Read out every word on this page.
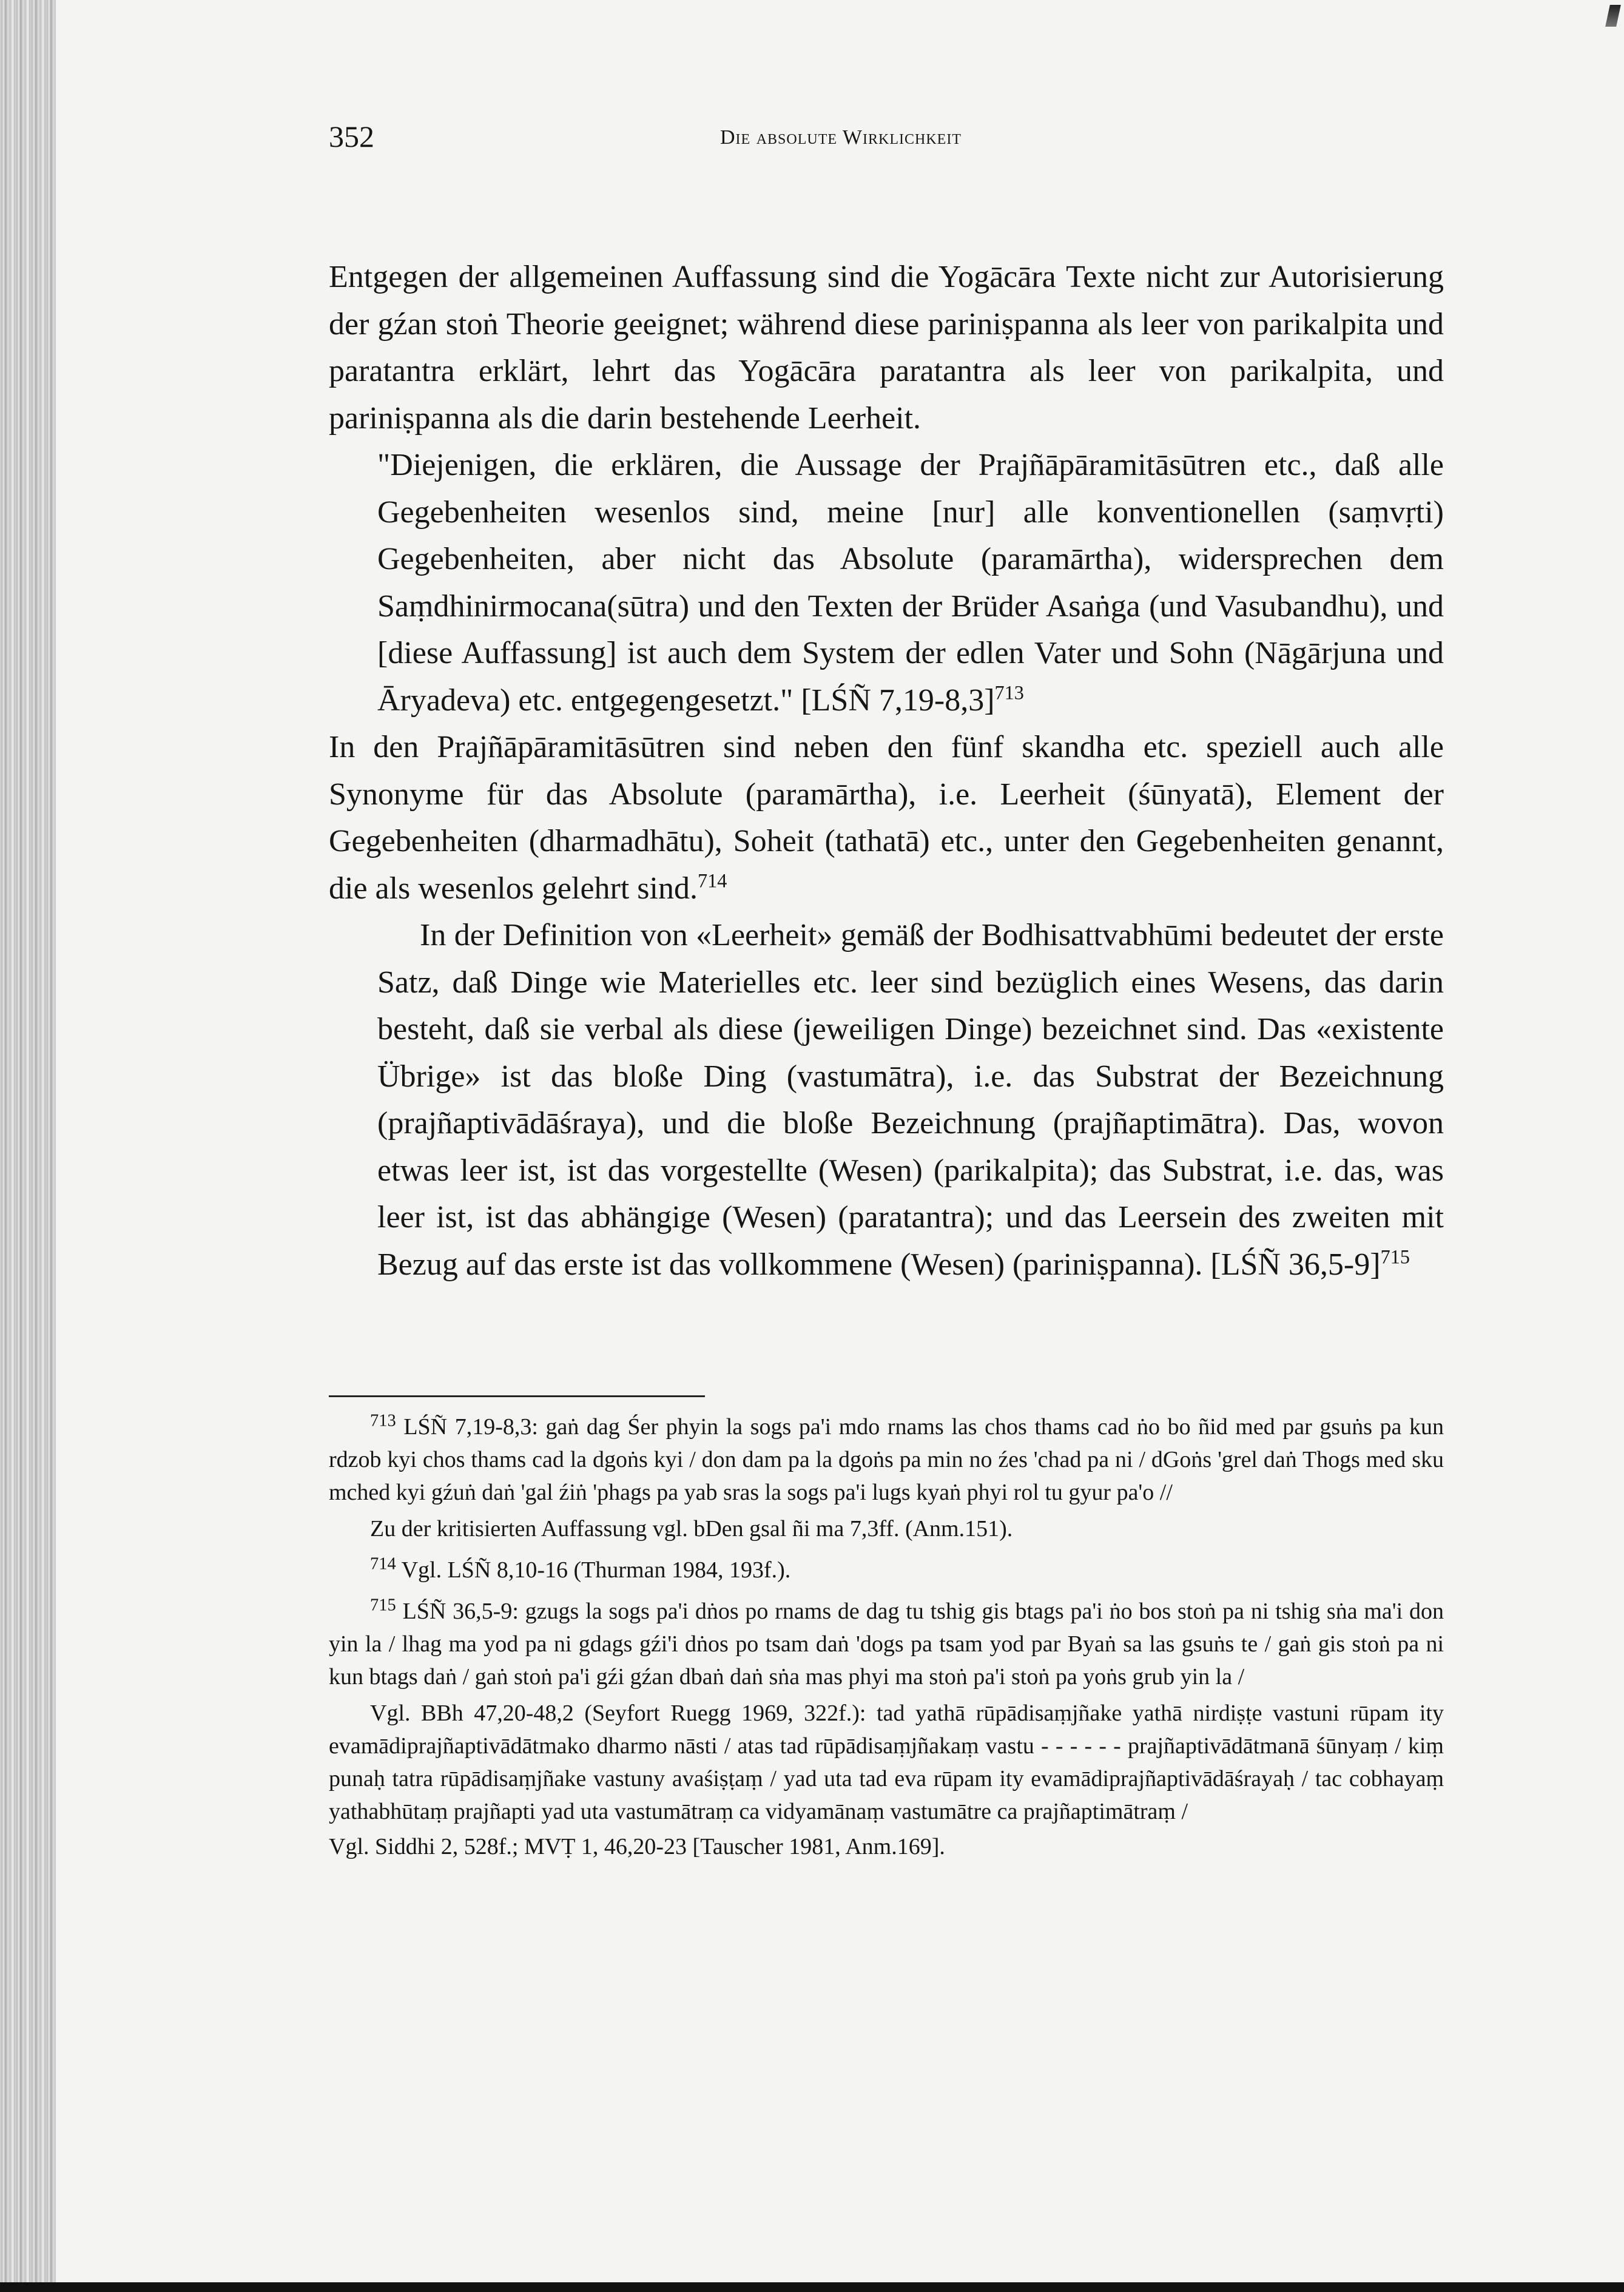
352	Die absolute Wirklichkeit

Entgegen der allgemeinen Auffassung sind die Yogācāra Texte nicht zur Autorisierung der gźan stoṅ Theorie geeignet; während diese pariniṣpanna als leer von parikalpita und paratantra erklärt, lehrt das Yogācāra paratantra als leer von parikalpita, und pariniṣpanna als die darin bestehende Leerheit.

"Diejenigen, die erklären, die Aussage der Prajñāpāramitāsūtren etc., daß alle Gegebenheiten wesenlos sind, meine [nur] alle konventionellen (saṃvṛti) Gegebenheiten, aber nicht das Absolute (paramārtha), widersprechen dem Saṃdhinirmocana(sūtra) und den Texten der Brüder Asaṅga (und Vasubandhu), und [diese Auffassung] ist auch dem System der edlen Vater und Sohn (Nāgārjuna und Āryadeva) etc. entgegengesetzt." [LŚÑ 7,19-8,3]$^{713}$

In den Prajñāpāramitāsūtren sind neben den fünf skandha etc. speziell auch alle Synonyme für das Absolute (paramārtha), i.e. Leerheit (śūnyatā), Element der Gegebenheiten (dharmadhātu), Soheit (tathatā) etc., unter den Gegebenheiten genannt, die als wesenlos gelehrt sind.$^{714}$

In der Definition von «Leerheit» gemäß der Bodhisattvabhūmi bedeutet der erste Satz, daß Dinge wie Materielles etc. leer sind bezüglich eines Wesens, das darin besteht, daß sie verbal als diese (jeweiligen Dinge) bezeichnet sind. Das «existente Übrige» ist das bloße Ding (vastumātra), i.e. das Substrat der Bezeichnung (prajñaptivādāśraya), und die bloße Bezeichnung (prajñaptimātra). Das, wovon etwas leer ist, ist das vorgestellte (Wesen) (parikalpita); das Substrat, i.e. das, was leer ist, ist das abhängige (Wesen) (paratantra); und das Leersein des zweiten mit Bezug auf das erste ist das vollkommene (Wesen) (pariniṣpanna). [LŚÑ 36,5-9]$^{715}$

$^{713}$ LŚÑ 7,19-8,3: gaṅ dag Śer phyin la sogs pa'i mdo rnams las chos thams cad ṅo bo ñid med par gsuṅs pa kun rdzob kyi chos thams cad la dgoṅs kyi / don dam pa la dgoṅs pa min no źes 'chad pa ni / dGoṅs 'grel daṅ Thogs med sku mched kyi gźuṅ daṅ 'gal źiṅ 'phags pa yab sras la sogs pa'i lugs kyaṅ phyi rol tu gyur pa'o //

Zu der kritisierten Auffassung vgl. bDen gsal ñi ma 7,3ff. (Anm.151).

$^{714}$ Vgl. LŚÑ 8,10-16 (Thurman 1984, 193f.).

$^{715}$ LŚÑ 36,5-9: gzugs la sogs pa'i dṅos po rnams de dag tu tshig gis btags pa'i ṅo bos stoṅ pa ni tshig sṅa ma'i don yin la / lhag ma yod pa ni gdags gźi'i dṅos po tsam daṅ 'dogs pa tsam yod par Byaṅ sa las gsuṅs te / gaṅ gis stoṅ pa ni kun btags daṅ / gaṅ stoṅ pa'i gźi gźan dbaṅ daṅ sṅa mas phyi ma stoṅ pa'i stoṅ pa yoṅs grub yin la /

Vgl. BBh 47,20-48,2 (Seyfort Ruegg 1969, 322f.): tad yathā rūpādisaṃjñake yathā nirdiṣṭe vastuni rūpam ity evamādiprajñaptivādātmako dharmo nāsti / atas tad rūpādisaṃjñakaṃ vastu - - - - - - prajñaptivādātmanā śūnyaṃ / kiṃ punaḥ tatra rūpādisaṃjñake vastuny avaśiṣṭaṃ / yad uta tad eva rūpam ity evamādiprajñaptivādāśrayaḥ / tac cobhayaṃ yathabhūtaṃ prajñapti yad uta vastumātraṃ ca vidyamānaṃ vastumātre ca prajñaptimātraṃ /

Vgl. Siddhi 2, 528f.; MVṬ 1, 46,20-23 [Tauscher 1981, Anm.169].
